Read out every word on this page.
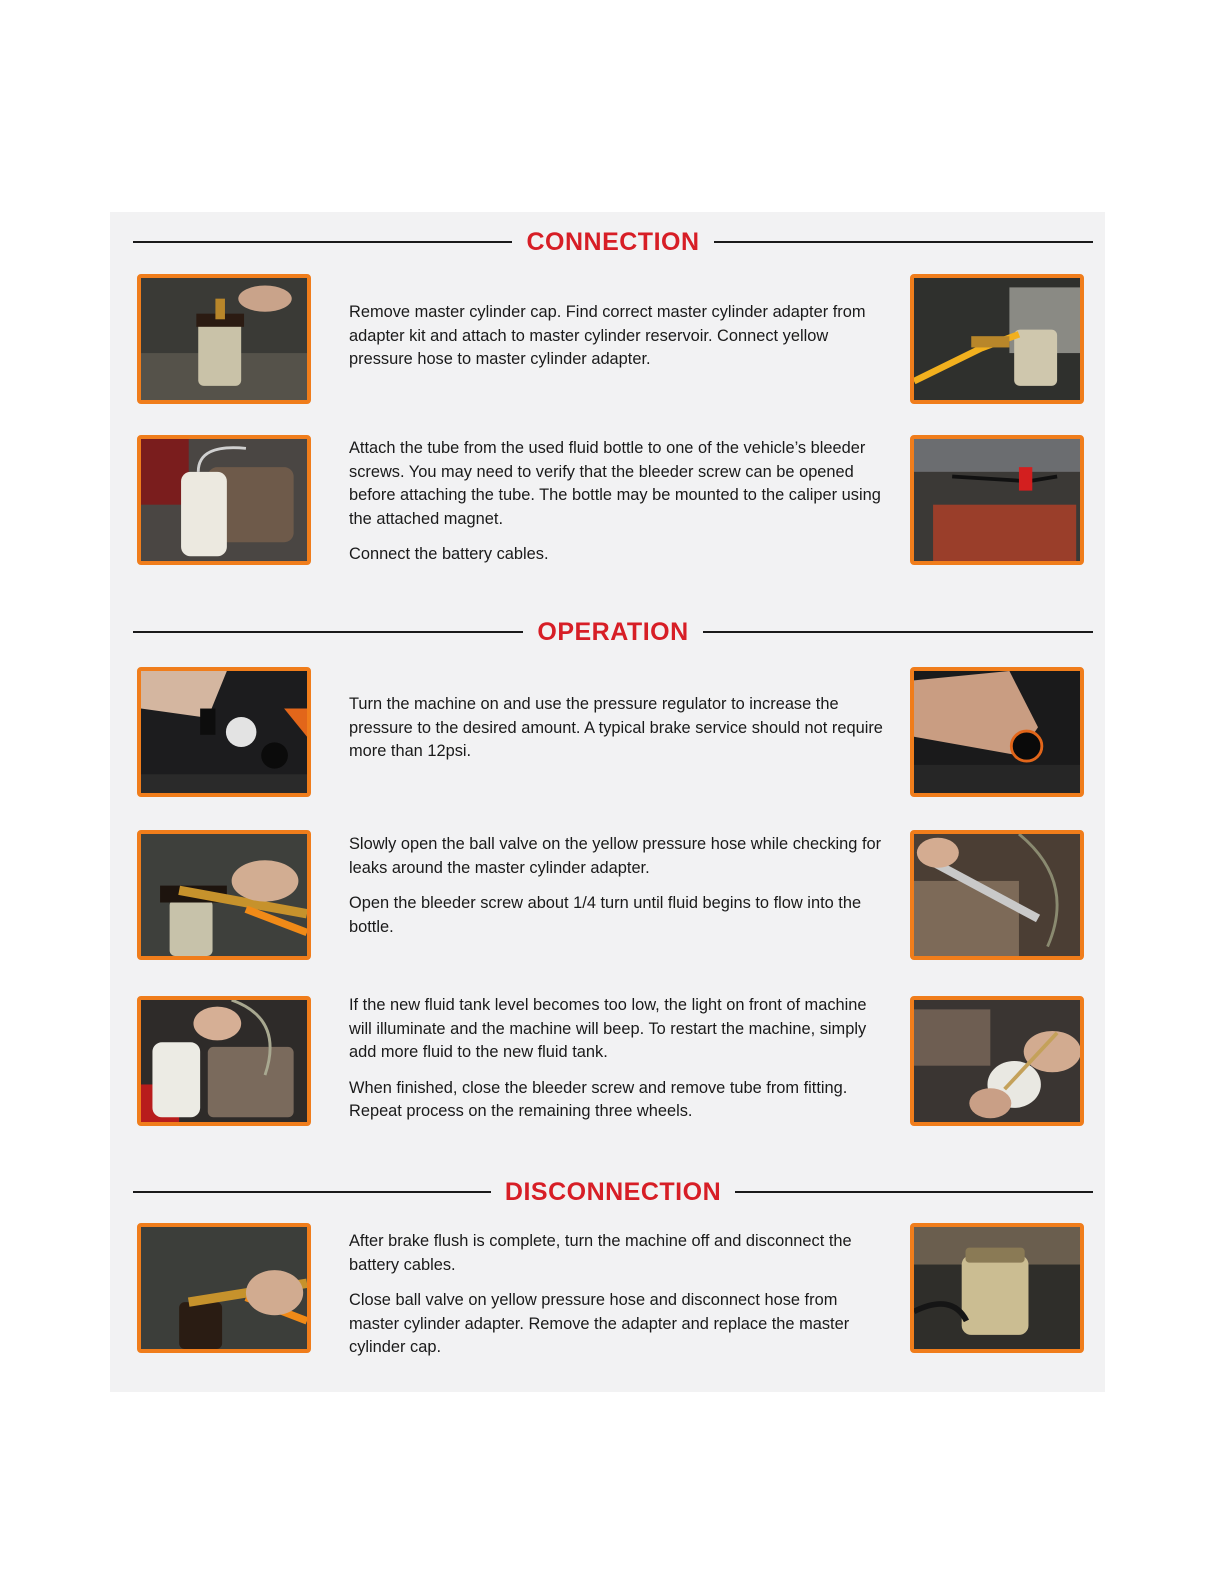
CONNECTION

Remove master cylinder cap. Find correct master cylinder adapter from adapter kit and attach to master cylinder reservoir. Connect yellow pressure hose to master cylinder adapter.

Attach the tube from the used fluid bottle to one of the vehicle’s bleeder screws. You may need to verify that the bleeder screw can be opened before attaching the tube. The bottle may be mounted to the caliper using the attached magnet.

Connect the battery cables.

OPERATION

Turn the machine on and use the pressure regulator to increase the pressure to the desired amount. A typical brake service should not require more than 12psi.

Slowly open the ball valve on the yellow pressure hose while checking for leaks around the master cylinder adapter.

Open the bleeder screw about 1/4 turn until fluid begins to flow into the bottle.

If the new fluid tank level becomes too low, the light on front of machine will illuminate and the machine will beep. To restart the machine, simply add more fluid to the new fluid tank.

When finished, close the bleeder screw and remove tube from fitting. Repeat process on the remaining three wheels.

DISCONNECTION

After brake flush is complete, turn the machine off and disconnect the battery cables.

Close ball valve on yellow pressure hose and disconnect hose from master cylinder adapter. Remove the adapter and replace the master cylinder cap.
